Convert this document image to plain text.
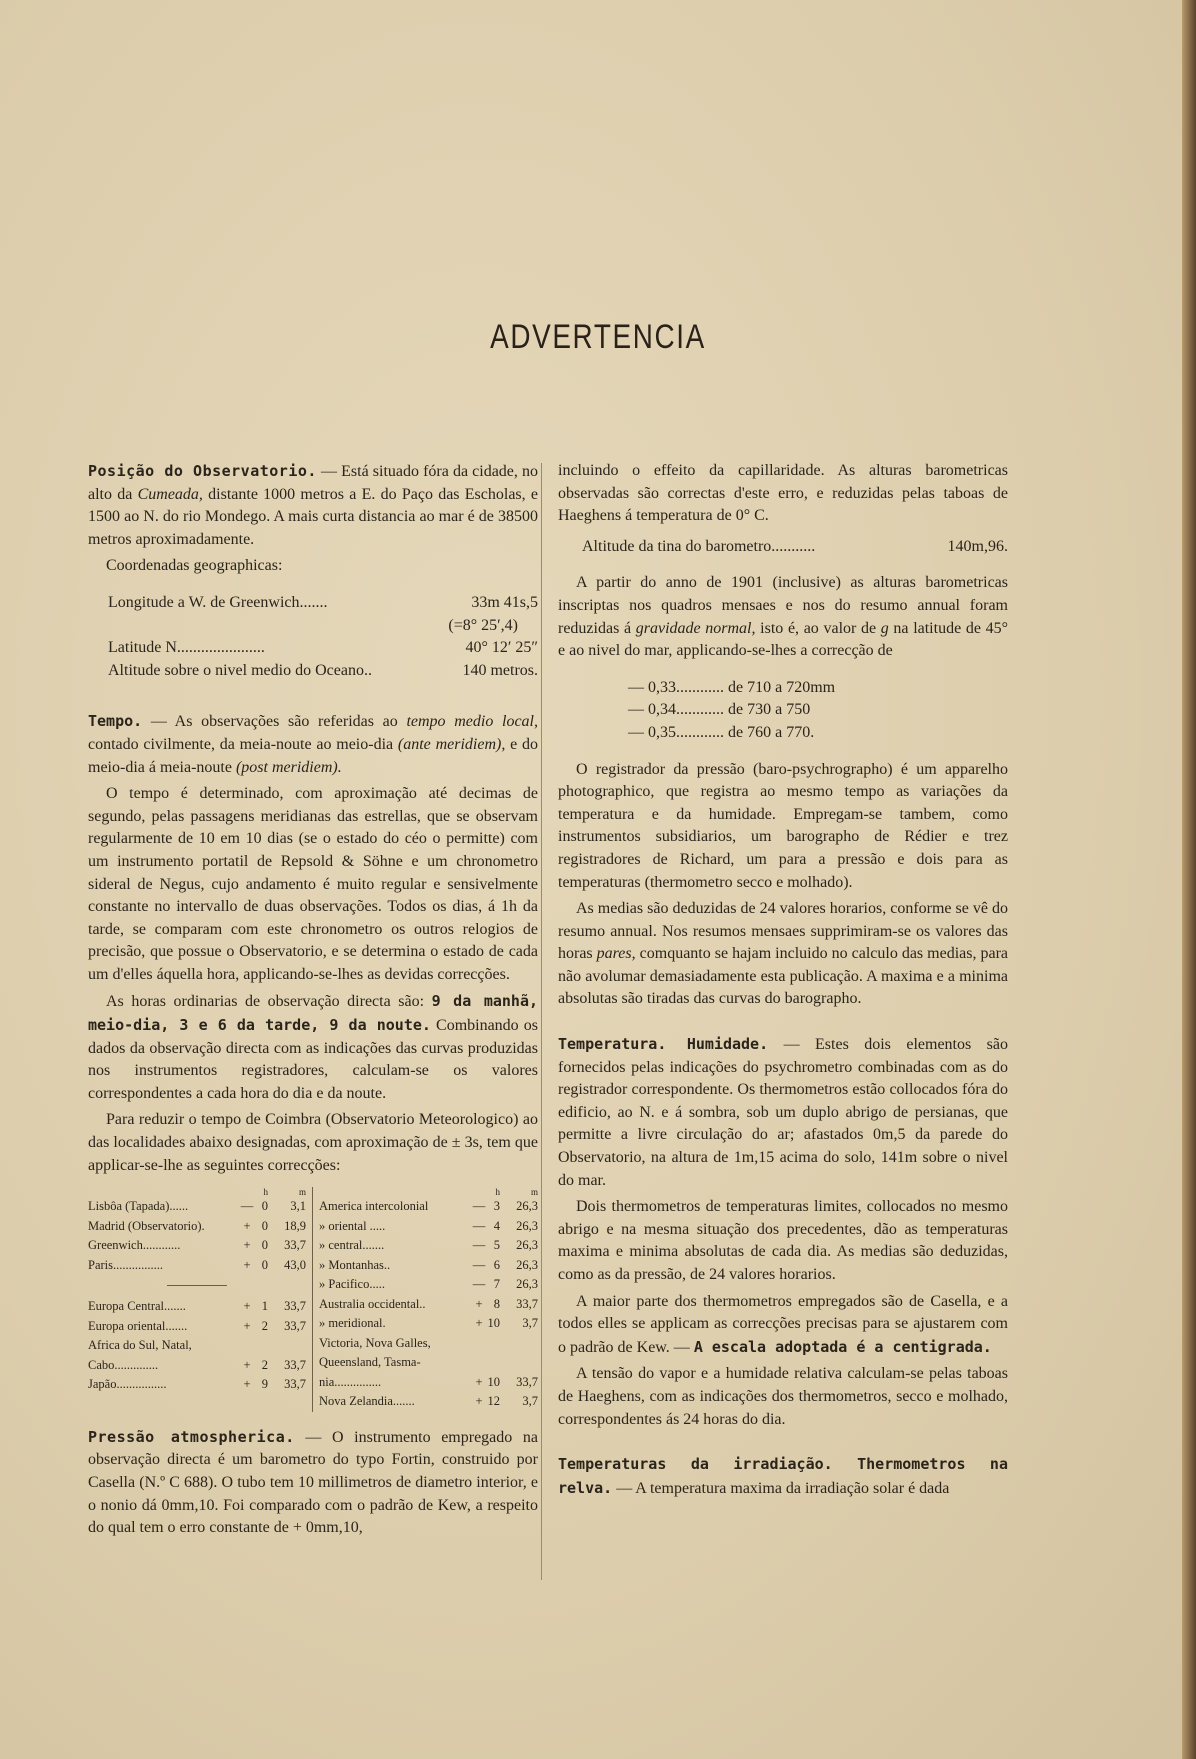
ADVERTENCIA

Posição do Observatorio. — Está situado fóra da cidade, no alto da Cumeada, distante 1000 metros a E. do Paço das Escholas, e 1500 ao N. do rio Mondego. A mais curta distancia ao mar é de 38500 metros aproximadamente.

Coordenadas geographicas:

Longitude a W. de Greenwich.......	33m 41s,5
(=8° 25′,4)
Latitude N......................	40° 12′ 25″
Altitude sobre o nivel medio do Oceano..	140 metros.

Tempo. — As observações são referidas ao tempo medio local, contado civilmente, da meia-noute ao meio-dia (ante meridiem), e do meio-dia á meia-noute (post meridiem).

O tempo é determinado, com aproximação até decimas de segundo, pelas passagens meridianas das estrellas, que se observam regularmente de 10 em 10 dias (se o estado do céo o permitte) com um instrumento portatil de Repsold & Söhne e um chronometro sideral de Negus, cujo andamento é muito regular e sensivelmente constante no intervallo de duas observações. Todos os dias, á 1h da tarde, se comparam com este chronometro os outros relogios de precisão, que possue o Observatorio, e se determina o estado de cada um d'elles áquella hora, applicando-se-lhes as devidas correcções.

As horas ordinarias de observação directa são: 9 da manhã, meio-dia, 3 e 6 da tarde, 9 da noute. Combinando os dados da observação directa com as indicações das curvas produzidas nos instrumentos registradores, calculam-se os valores correspondentes a cada hora do dia e da noute.

Para reduzir o tempo de Coimbra (Observatorio Meteorologico) ao das localidades abaixo designadas, com aproximação de ± 3s, tem que applicar-se-lhe as seguintes correcções:

h	m
Lisbôa (Tapada)......	— 0	3,1
Madrid (Observatorio).	+ 0	18,9
Greenwich............	+ 0	33,7
Paris................	+ 0	43,0
Europa Central.......	+ 1	33,7
Europa oriental.......	+ 2	33,7
Africa do Sul, Natal,
Cabo..............	+ 2	33,7
Japão................	+ 9	33,7
h	m
America intercolonial	— 3	26,3
» oriental .....	— 4	26,3
» central.......	— 5	26,3
» Montanhas..	— 6	26,3
» Pacifico.....	— 7	26,3
Australia occidental..	+ 8	33,7
» meridional.	+ 10	3,7
Victoria, Nova Galles,
Queensland, Tasma-
nia...............	+ 10	33,7
Nova Zelandia.......	+ 12	3,7

Pressão atmospherica. — O instrumento empregado na observação directa é um barometro do typo Fortin, construido por Casella (N.º C 688). O tubo tem 10 millimetros de diametro interior, e o nonio dá 0mm,10. Foi comparado com o padrão de Kew, a respeito do qual tem o erro constante de + 0mm,10,

incluindo o effeito da capillaridade. As alturas barometricas observadas são correctas d'este erro, e reduzidas pelas taboas de Haeghens á temperatura de 0° C.

Altitude da tina do barometro...........	140m,96.

A partir do anno de 1901 (inclusive) as alturas barometricas inscriptas nos quadros mensaes e nos do resumo annual foram reduzidas á gravidade normal, isto é, ao valor de g na latitude de 45° e ao nivel do mar, applicando-se-lhes a correcção de

— 0,33............ de 710 a 720mm
— 0,34............ de 730 a 750
— 0,35............ de 760 a 770.

O registrador da pressão (baro-psychrographo) é um apparelho photographico, que registra ao mesmo tempo as variações da temperatura e da humidade. Empregam-se tambem, como instrumentos subsidiarios, um barographo de Rédier e trez registradores de Richard, um para a pressão e dois para as temperaturas (thermometro secco e molhado).

As medias são deduzidas de 24 valores horarios, conforme se vê do resumo annual. Nos resumos mensaes supprimiram-se os valores das horas pares, comquanto se hajam incluido no calculo das medias, para não avolumar demasiadamente esta publicação. A maxima e a minima absolutas são tiradas das curvas do barographo.

Temperatura. Humidade. — Estes dois elementos são fornecidos pelas indicações do psychrometro combinadas com as do registrador correspondente. Os thermometros estão collocados fóra do edificio, ao N. e á sombra, sob um duplo abrigo de persianas, que permitte a livre circulação do ar; afastados 0m,5 da parede do Observatorio, na altura de 1m,15 acima do solo, 141m sobre o nivel do mar.

Dois thermometros de temperaturas limites, collocados no mesmo abrigo e na mesma situação dos precedentes, dão as temperaturas maxima e minima absolutas de cada dia. As medias são deduzidas, como as da pressão, de 24 valores horarios.

A maior parte dos thermometros empregados são de Casella, e a todos elles se applicam as correcções precisas para se ajustarem com o padrão de Kew. — A escala adoptada é a centigrada.

A tensão do vapor e a humidade relativa calculam-se pelas taboas de Haeghens, com as indicações dos thermometros, secco e molhado, correspondentes ás 24 horas do dia.

Temperaturas da irradiação. Thermometros na relva. — A temperatura maxima da irradiação solar é dada
